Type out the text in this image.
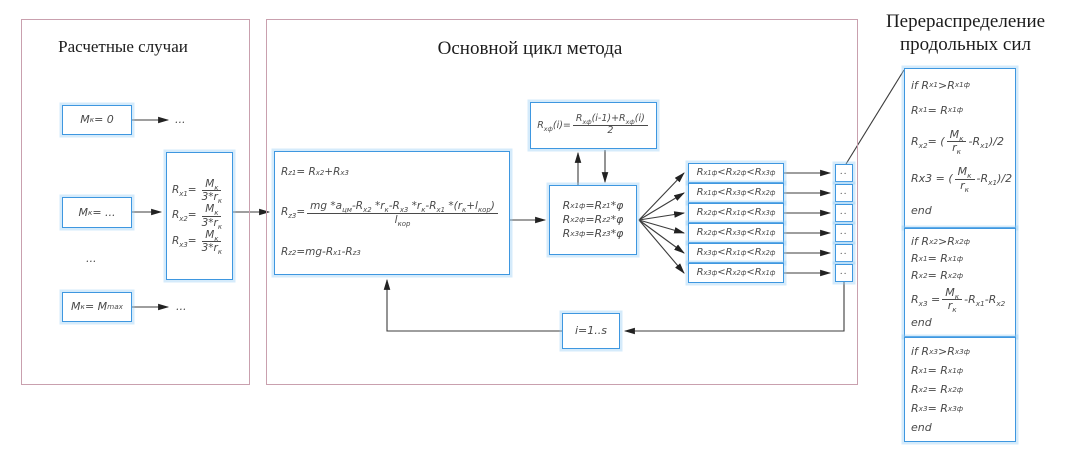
Расчетные случаи
M к = 0	...
M к = ...
$R_{х1}= \frac{M_к}{3*r_к}$
$R_{х2}= \frac{M_к}{3*r_к}$
$R_{х3}= \frac{M_к}{3*r_к}$
...
M к = M max	...
Основной цикл метода
$R_{хф}(i)= \frac{R_{хф}(i-1)+R_{хф}(i)}{2}$
R z1 = R х2 +R х3
$R_{z3}= \frac{mg *a_{цм}-R_{х2} *r_к-R_{х3} *r_к-R_{х1} *(r_к+l_{кор})}{l_{кор}}$
R z2 =mg-R х1 -R z3
R х1ф =R z1 *φ
R х2ф =R z2 *φ
R х3ф =R z3 *φ
R х1ф <R х2ф <R х3ф
R х1ф <R х3ф <R х2ф
R х2ф <R х1ф <R х3ф
R х2ф <R х3ф <R х1ф
R х3ф <R х1ф <R х2ф
R х3ф <R х2ф <R х1ф
..
..
..
..
..
..
i=1..s
Перераспределение
продольных сил
if R х1 >R х1ф
R х1 = R х1ф
$R_{х2}=$ ( $\frac{M_к}{r_к} -R_{х1})/2$
Rх3 = ( $\frac{M_к}{r_к} -R_{х1})/2$
end
if R х2 >R х2ф
R х1 = R х1ф
R х2 = R х2ф
$R_{х3} = \frac{M_к}{r_к} -R_{х1}-R_{х2}$
end
if R х3 >R х3ф
R х1 = R х1ф
R х2 = R х2ф
R х3 = R х3ф
end
